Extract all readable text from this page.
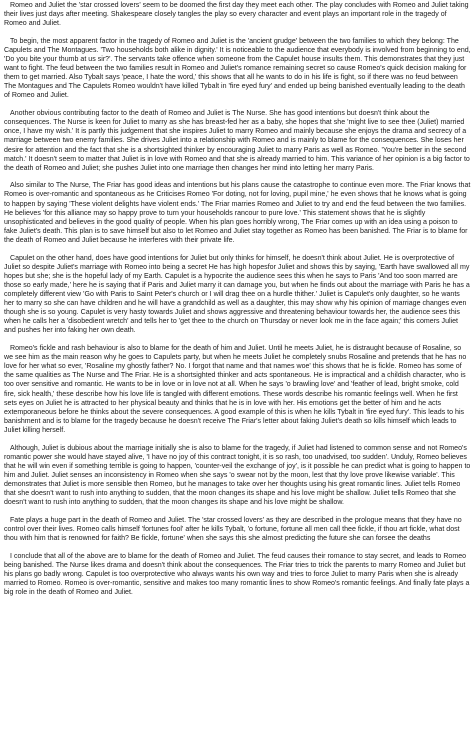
Romeo and Juliet the 'star crossed lovers' seem to be doomed the first day they meet each other. The play concludes with Romeo and Juliet taking their lives just days after meeting. Shakespeare closely tangles the play so every character and event plays an important role in the tragedy of Romeo and Juliet.

To begin, the most apparent factor in the tragedy of Romeo and Juliet is the 'ancient grudge' between the two families to which they belong: The Capulets and The Montagues. 'Two households both alike in dignity.' It is noticeable to the audience that everybody is involved from beginning to end, 'Do you bite your thumb at us sir?'. The servants take offence when someone from the Capulet house insults them. This demonstrates that they just want to fight. The feud between the two families result in Romeo and Juliet's romance remaining secret so cause Romeo's quick decision making for them to get married. Also Tybalt says 'peace, I hate the word,' this shows that all he wants to do in his life is fight, so if there was no feud between The Montagues and The Capulets Romeo wouldn't have killed Tybalt in 'fire eyed fury' and ended up being banished eventually leading to the death of Romeo and Juliet.

Another obvious contributing factor to the death of Romeo and Juliet is The Nurse. She has good intentions but doesn't think about the consequences. The Nurse is keen for Juliet to marry as she has breast-fed her as a baby, she hopes that she 'might live to see thee (Juliet) married once, I have my wish.' It is partly this judgement that she inspires Juliet to marry Romeo and mainly because she enjoys the drama and secrecy of a marriage between two enemy families. She drives Juliet into a relationship with Romeo and is mainly to blame for the consequences. She loses her desire for attention and the fact that she is a shortsighted thinker by encouraging Juliet to marry Paris as well as Romeo. 'You're better in the second match.' It doesn't seem to matter that Juliet is in love with Romeo and that she is already married to him. This variance of her opinion is a big factor to the death of Romeo and Juliet; she pushes Juliet into one marriage then changes her mind into letting her marry Paris.

Also similar to The Nurse, The Friar has good ideas and intentions but his plans cause the catastrophe to continue even more. The Friar knows that Romeo is over-romantic and spontaneous as he Criticises Romeo 'For doting, not for loving, pupil mine,' he even shows that he knows what is going to happen by saying 'These violent delights have violent ends.' The Friar marries Romeo and Juliet to try and end the feud between the two families. He believes 'for this alliance may so happy prove to turn your households rancour to pure love.' This statement shows that he is slightly unsophisticated and believes in the good quality of people. When his plan goes horribly wrong, The Friar comes up with an idea using a poison to fake Juliet's death. This plan is to save himself but also to let Romeo and Juliet stay together as Romeo has been banished. The Friar is to blame for the death of Romeo and Juliet because he interferes with their private life.

Capulet on the other hand, does have good intentions for Juliet but only thinks for himself, he doesn't think about Juliet. He is overprotective of Juliet so despite Juliet's marriage with Romeo into being a secret He has high hopesfor Juliet and shows this by saying, 'Earth have swallowed all my hopes but she; she is the hopeful lady of my Earth. Capulet is a hypocrite the audience sees this when he says to Paris 'And too soon marred are those so early made,' here he is saying that if Paris and Juliet marry it can damage you, but when he finds out about the marriage with Paris he has a completely different view 'Go with Paris to Saint Peter's church or I will drag thee on a hurdle thither.' Juliet is Capulet's only daughter, so he wants her to marry so she can have children and he will have a grandchild as well as a daughter, this may show why his opinion of marriage changes even though she is so young. Capulet is very hasty towards Juliet and shows aggressive and threatening behaviour towards her, the audience sees this when he calls her a 'disobedient wretch' and tells her to 'get thee to the church on Thursday or never look me in the face again;' this comers Juliet and pushes her into faking her own death.

Romeo's fickle and rash behaviour is also to blame for the death of him and Juliet. Until he meets Juliet, he is distraught because of Rosaline, so we see him as the main reason why he goes to Capulets party, but when he meets Juliet he completely snubs Rosaline and pretends that he has no love for her what so ever, 'Rosaline my ghostly father? No. I forgot that name and that names woe' this shows that he is fickle. Romeo has some of the same qualities as The Nurse and The Friar. He is a shortsighted thinker and acts spontaneous. He is impractical and a childish character, who is too over sensitive and romantic. He wants to be in love or in love not at all. When he says 'o brawling love' and 'feather of lead, bright smoke, cold fire, sick health,' these describe how his love life is tangled with different emotions. These words describe his romantic feelings well. When he first sets eyes on Juliet he is attracted to her physical beauty and thinks that he is in love with her. His emotions get the better of him and he acts extemporaneous before he thinks about the severe consequences. A good example of this is when he kills Tybalt in 'fire eyed fury'. This leads to his banishment and is to blame for the tragedy because he doesn't receive The Friar's letter about faking Juliet's death so kills himself which leads to Juliet killing herself.

Although, Juliet is dubious about the marriage initially she is also to blame for the tragedy, if Juliet had listened to common sense and not Romeo's romantic power she would have stayed alive, 'I have no joy of this contract tonight, it is so rash, too unadvised, too sudden'. Unduly, Romeo believes that he will win even if something terrible is going to happen, 'counter-veil the exchange of joy', is it possible he can predict what is going to happen to him and Juliet. Juliet senses an inconsistency in Romeo when she says 'o swear not by the moon, lest that thy love prove likewise variable'. This demonstrates that Juliet is more sensible then Romeo, but he manages to take over her thoughts using his great romantic lines. Juliet tells Romeo that she doesn't want to rush into anything to sudden, that the moon changes its shape and his love might be shallow. Juliet tells Romeo that she doesn't want to rush into anything to sudden, that the moon changes its shape and his love might be shallow.

Fate plays a huge part in the death of Romeo and Juliet. The 'star crossed lovers' as they are described in the prologue means that they have no control over their lives. Romeo calls himself 'fortunes fool' after he kills Tybalt, 'o fortune, fortune all men call thee fickle, if thou art fickle, what dost thou with him that is renowned for faith? Be fickle, fortune' when she says this she almost predicting the future she can forsee the deaths

I conclude that all of the above are to blame for the death of Romeo and Juliet. The feud causes their romance to stay secret, and leads to Romeo being banished. The Nurse likes drama and doesn't think about the consequences. The Friar tries to trick the parents to marry Romeo and Juliet but his plans go badly wrong. Capulet is too overprotective who always wants his own way and tries to force Juliet to marry Paris when she is already married to Romeo. Romeo is over-romantic, sensitive and makes too many romantic lines to show Romeo's romantic feelings. And finally fate plays a big role in the death of Romeo and Juliet.
